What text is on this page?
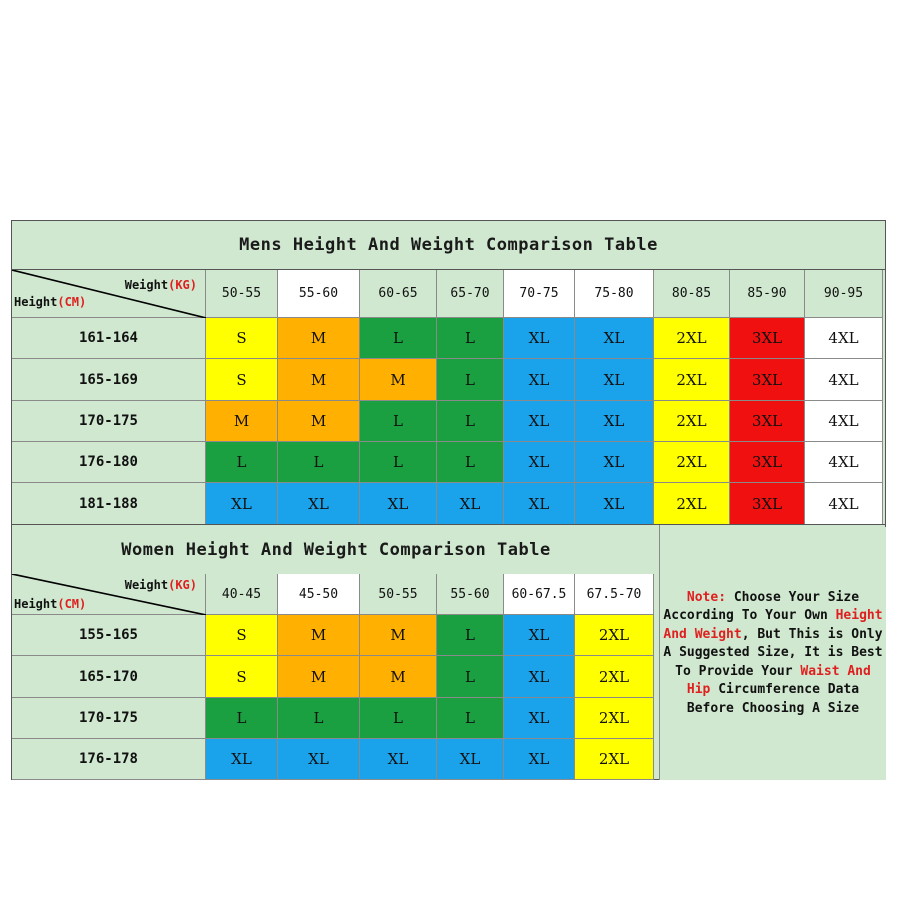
Mens Height And Weight Comparison Table
Weight(KG)
Height(CM)
50-55	55-60	60-65	65-70	70-75	75-80	80-85	85-90	90-95
161-164	S	M	L	L	XL	XL	2XL	3XL	4XL
165-169	S	M	M	L	XL	XL	2XL	3XL	4XL
170-175	M	M	L	L	XL	XL	2XL	3XL	4XL
176-180	L	L	L	L	XL	XL	2XL	3XL	4XL
181-188	XL	XL	XL	XL	XL	XL	2XL	3XL	4XL
Women Height And Weight Comparison Table
Weight(KG)
Height(CM)
40-45	45-50	50-55	55-60	60-67.5	67.5-70
155-165	S	M	M	L	XL	2XL
165-170	S	M	M	L	XL	2XL
170-175	L	L	L	L	XL	2XL
176-178	XL	XL	XL	XL	XL	2XL

Note: Choose Your Size According To Your Own Height And Weight, But This is Only A Suggested Size, It is Best To Provide Your Waist And Hip Circumference Data Before Choosing A Size
